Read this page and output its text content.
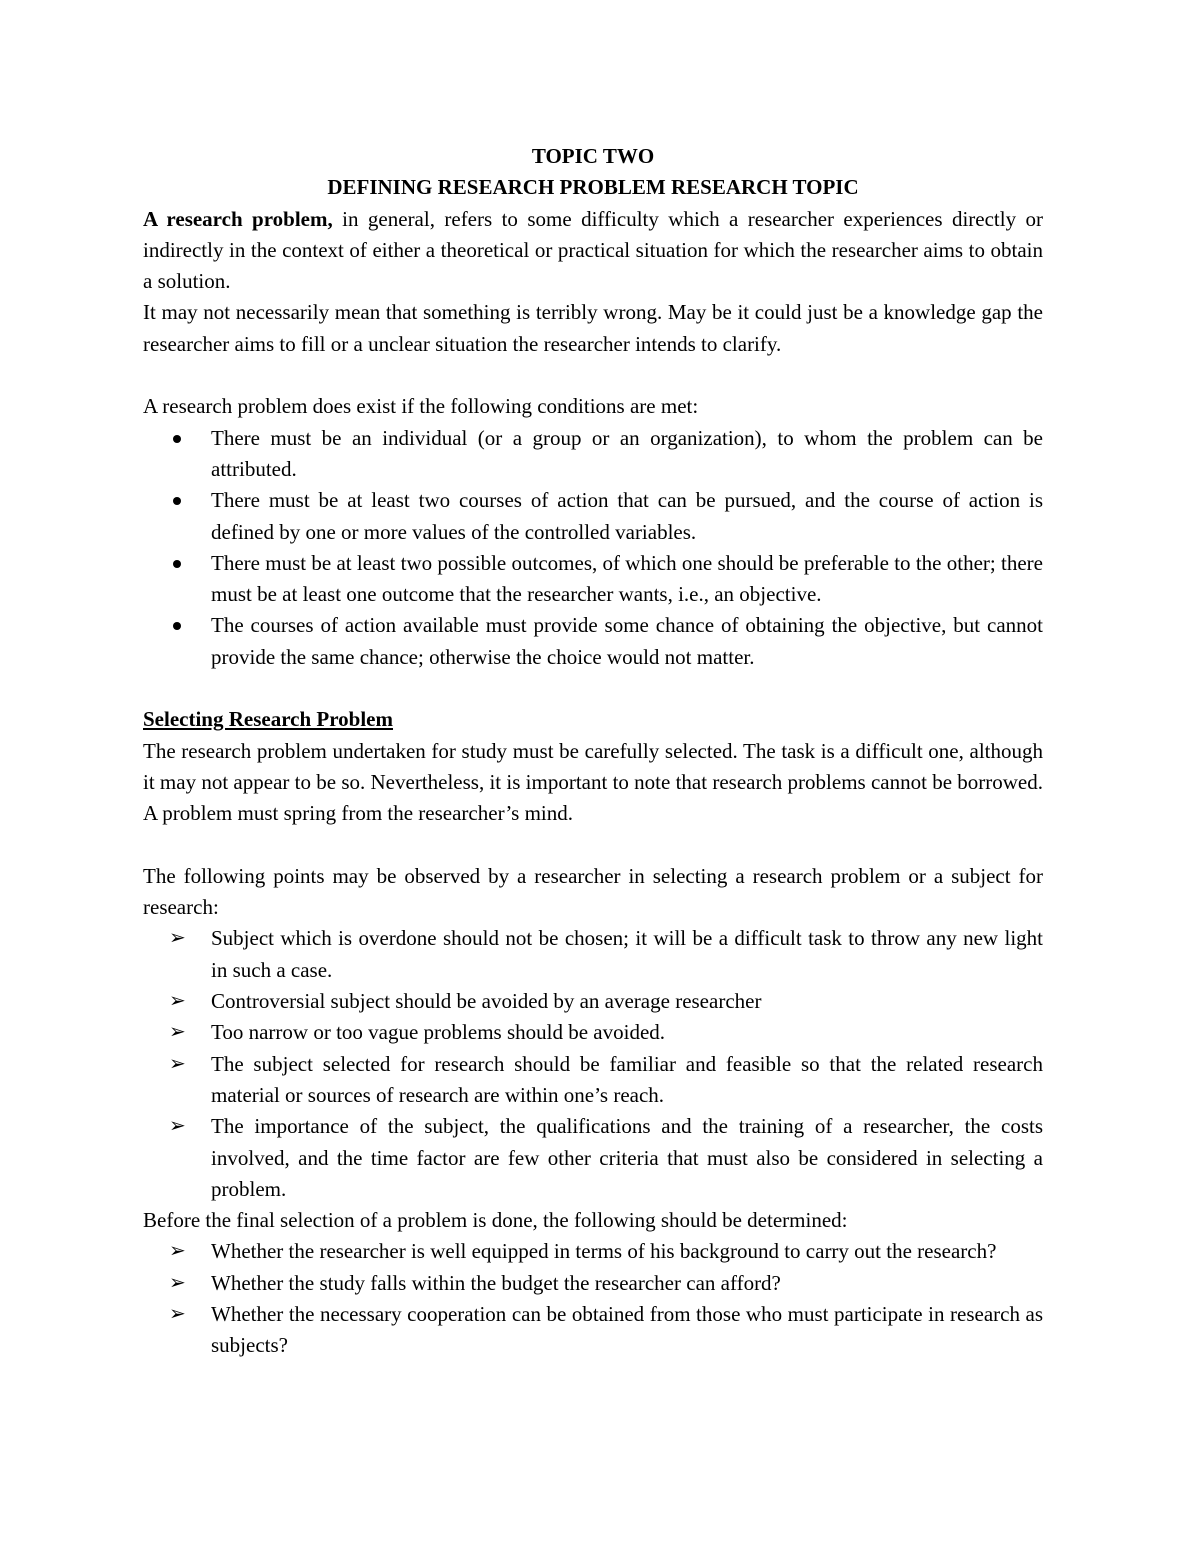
TOPIC TWO

DEFINING RESEARCH PROBLEM RESEARCH TOPIC

A research problem, in general, refers to some difficulty which a researcher experiences directly or indirectly in the context of either a theoretical or practical situation for which the researcher aims to obtain a solution.

It may not necessarily mean that something is terribly wrong. May be it could just be a knowledge gap the researcher aims to fill or a unclear situation the researcher intends to clarify.

A research problem does exist if the following conditions are met:

There must be an individual (or a group or an organization), to whom the problem can be attributed.
There must be at least two courses of action that can be pursued, and the course of action is defined by one or more values of the controlled variables.
There must be at least two possible outcomes, of which one should be preferable to the other; there must be at least one outcome that the researcher wants, i.e., an objective.
The courses of action available must provide some chance of obtaining the objective, but cannot provide the same chance; otherwise the choice would not matter.

Selecting Research Problem

The research problem undertaken for study must be carefully selected. The task is a difficult one, although it may not appear to be so. Nevertheless, it is important to note that research problems cannot be borrowed. A problem must spring from the researcher’s mind.

The following points may be observed by a researcher in selecting a research problem or a subject for research:

➢ Subject which is overdone should not be chosen; it will be a difficult task to throw any new light in such a case.
➢ Controversial subject should be avoided by an average researcher
➢ Too narrow or too vague problems should be avoided.
➢ The subject selected for research should be familiar and feasible so that the related research material or sources of research are within one’s reach.
➢ The importance of the subject, the qualifications and the training of a researcher, the costs involved, and the time factor are few other criteria that must also be considered in selecting a problem.

Before the final selection of a problem is done, the following should be determined:

➢ Whether the researcher is well equipped in terms of his background to carry out the research?
➢ Whether the study falls within the budget the researcher can afford?
➢ Whether the necessary cooperation can be obtained from those who must participate in research as subjects?
